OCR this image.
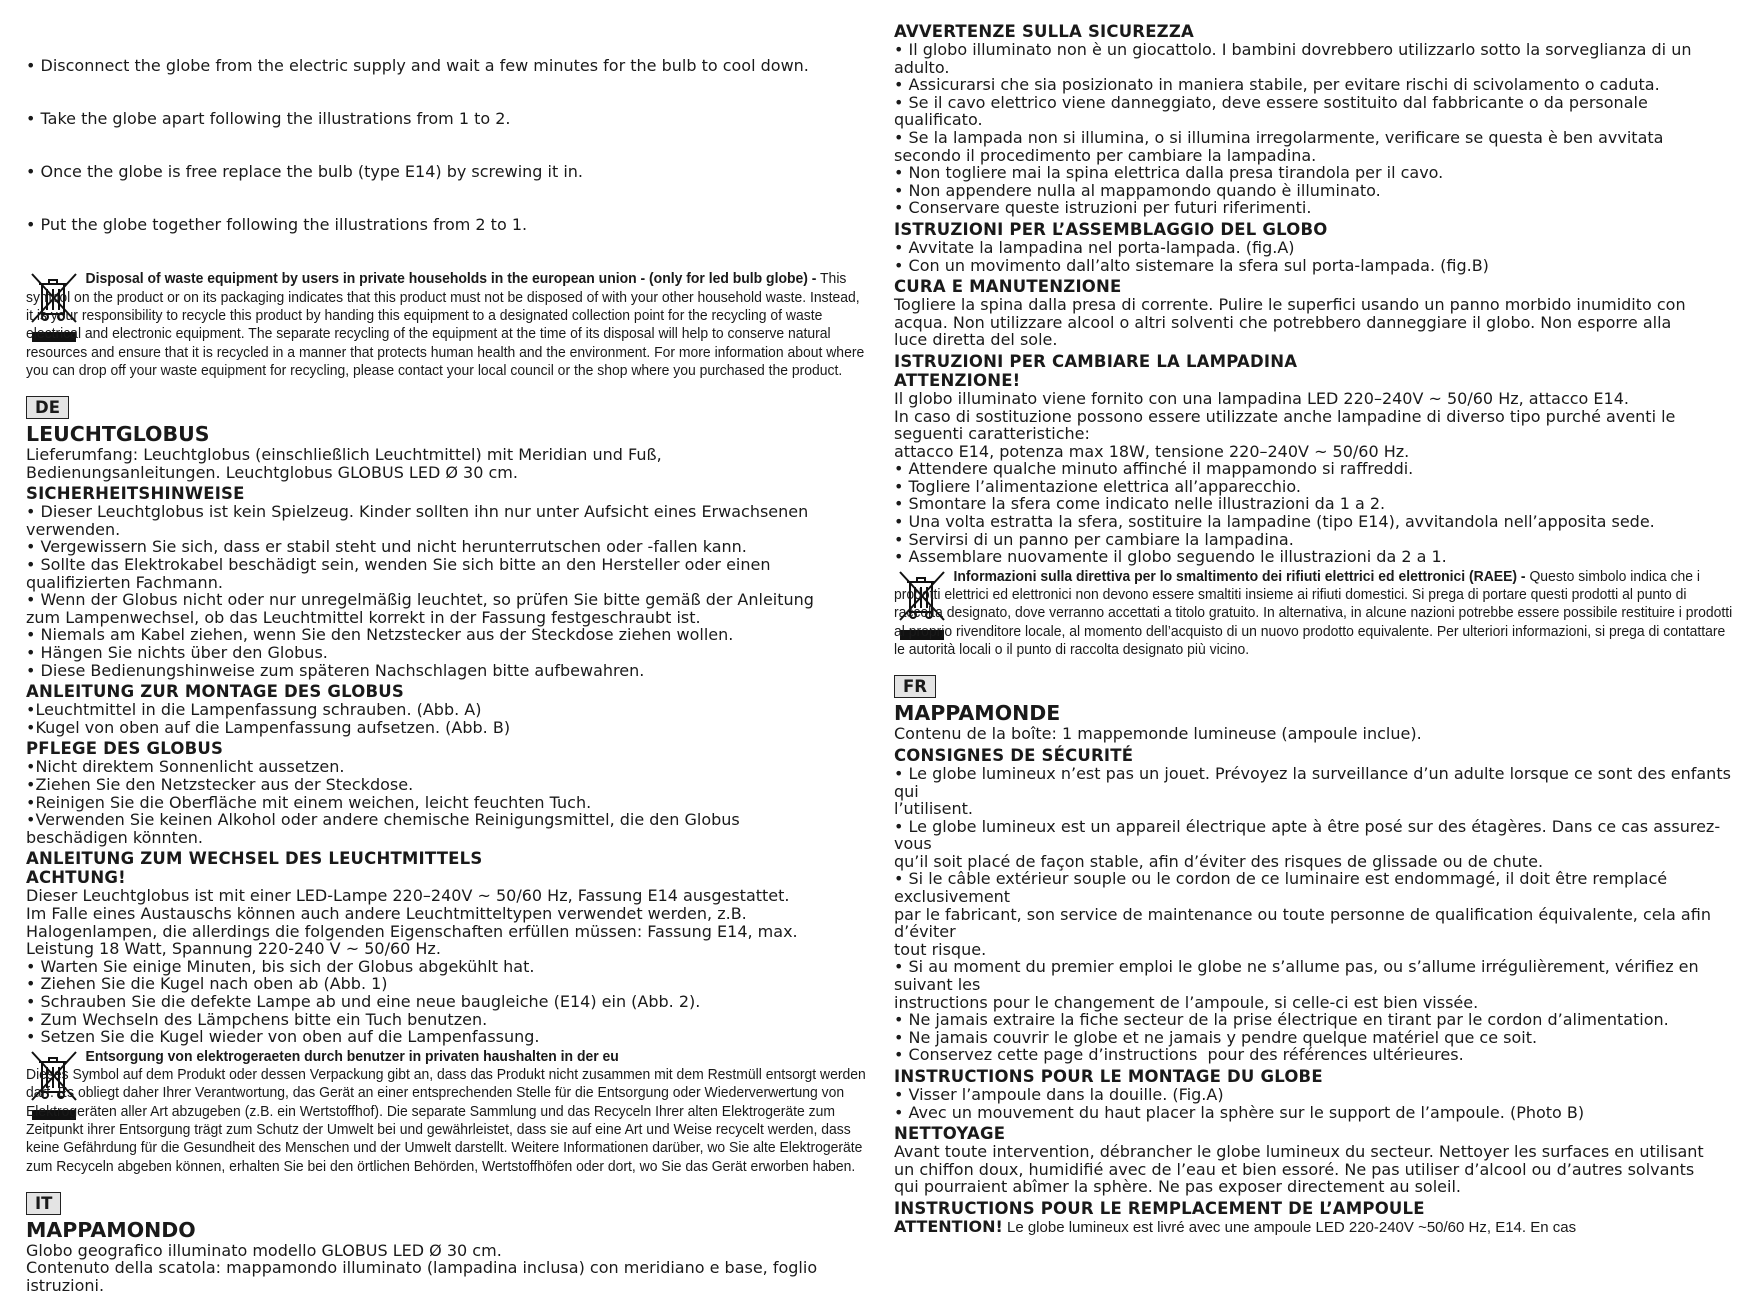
• Disconnect the globe from the electric supply and wait a few minutes for the bulb to cool down.

• Take the globe apart following the illustrations from 1 to 2.

• Once the globe is free replace the bulb (type E14) by screwing it in.

• Put the globe together following the illustrations from 2 to 1.

Disposal of waste equipment by users in private households in the european union - (only for led bulb globe) - This symbol on the product or on its packaging indicates that this product must not be disposed of with your other household waste. Instead, it is your responsibility to recycle this product by handing this equipment to a designated collection point for the recycling of waste electrical and electronic equipment. The separate recycling of the equipment at the time of its disposal will help to conserve natural resources and ensure that it is recycled in a manner that protects human health and the environment. For more information about where you can drop off your waste equipment for recycling, please contact your local council or the shop where you purchased the product.
DE
LEUCHTGLOBUS
Lieferumfang: Leuchtglobus (einschließlich Leuchtmittel) mit Meridian und Fuß,
Bedienungsanleitungen. Leuchtglobus GLOBUS LED Ø 30 cm.
SICHERHEITSHINWEISE
• Dieser Leuchtglobus ist kein Spielzeug. Kinder sollten ihn nur unter Aufsicht eines Erwachsenen
verwenden.
• Vergewissern Sie sich, dass er stabil steht und nicht herunterrutschen oder -fallen kann.
• Sollte das Elektrokabel beschädigt sein, wenden Sie sich bitte an den Hersteller oder einen
qualifizierten Fachmann.
• Wenn der Globus nicht oder nur unregelmäßig leuchtet, so prüfen Sie bitte gemäß der Anleitung
zum Lampenwechsel, ob das Leuchtmittel korrekt in der Fassung festgeschraubt ist.
• Niemals am Kabel ziehen, wenn Sie den Netzstecker aus der Steckdose ziehen wollen.
• Hängen Sie nichts über den Globus.
• Diese Bedienungshinweise zum späteren Nachschlagen bitte aufbewahren.
ANLEITUNG ZUR MONTAGE DES GLOBUS
•Leuchtmittel in die Lampenfassung schrauben. (Abb. A)
•Kugel von oben auf die Lampenfassung aufsetzen. (Abb. B)
PFLEGE DES GLOBUS
•Nicht direktem Sonnenlicht aussetzen.
•Ziehen Sie den Netzstecker aus der Steckdose.
•Reinigen Sie die Oberfläche mit einem weichen, leicht feuchten Tuch.
•Verwenden Sie keinen Alkohol oder andere chemische Reinigungsmittel, die den Globus
beschädigen könnten.
ANLEITUNG ZUM WECHSEL DES LEUCHTMITTELS
ACHTUNG!
Dieser Leuchtglobus ist mit einer LED-Lampe 220–240V ~ 50/60 Hz, Fassung E14 ausgestattet.
Im Falle eines Austauschs können auch andere Leuchtmitteltypen verwendet werden, z.B.
Halogenlampen, die allerdings die folgenden Eigenschaften erfüllen müssen: Fassung E14, max.
Leistung 18 Watt, Spannung 220-240 V ~ 50/60 Hz.
• Warten Sie einige Minuten, bis sich der Globus abgekühlt hat.
• Ziehen Sie die Kugel nach oben ab (Abb. 1)
• Schrauben Sie die defekte Lampe ab und eine neue baugleiche (E14) ein (Abb. 2).
• Zum Wechseln des Lämpchens bitte ein Tuch benutzen.
• Setzen Sie die Kugel wieder von oben auf die Lampenfassung.
Entsorgung von elektrogeraeten durch benutzer in privaten haushalten in der eu
Dieses Symbol auf dem Produkt oder dessen Verpackung gibt an, dass das Produkt nicht zusammen mit dem Restmüll entsorgt werden darf. Es obliegt daher Ihrer Verantwortung, das Gerät an einer entsprechenden Stelle für die Entsorgung oder Wiederverwertung von Elektrogeräten aller Art abzugeben (z.B. ein Wertstoffhof). Die separate Sammlung und das Recyceln Ihrer alten Elektrogeräte zum Zeitpunkt ihrer Entsorgung trägt zum Schutz der Umwelt bei und gewährleistet, dass sie auf eine Art und Weise recycelt werden, dass keine Gefährdung für die Gesundheit des Menschen und der Umwelt darstellt. Weitere Informationen darüber, wo Sie alte Elektrogeräte zum Recyceln abgeben können, erhalten Sie bei den örtlichen Behörden, Wertstoffhöfen oder dort, wo Sie das Gerät erworben haben.
IT
MAPPAMONDO
Globo geografico illuminato modello GLOBUS LED Ø 30 cm.
Contenuto della scatola: mappamondo illuminato (lampadina inclusa) con meridiano e base, foglio
istruzioni.
AVVERTENZE SULLA SICUREZZA
• Il globo illuminato non è un giocattolo. I bambini dovrebbero utilizzarlo sotto la sorveglianza di un
adulto.
• Assicurarsi che sia posizionato in maniera stabile, per evitare rischi di scivolamento o caduta.
• Se il cavo elettrico viene danneggiato, deve essere sostituito dal fabbricante o da personale
qualificato.
• Se la lampada non si illumina, o si illumina irregolarmente, verificare se questa è ben avvitata
secondo il procedimento per cambiare la lampadina.
• Non togliere mai la spina elettrica dalla presa tirandola per il cavo.
• Non appendere nulla al mappamondo quando è illuminato.
• Conservare queste istruzioni per futuri riferimenti.
ISTRUZIONI PER L’ASSEMBLAGGIO DEL GLOBO
• Avvitate la lampadina nel porta-lampada. (fig.A)
• Con un movimento dall’alto sistemare la sfera sul porta-lampada. (fig.B)
CURA E MANUTENZIONE
Togliere la spina dalla presa di corrente. Pulire le superfici usando un panno morbido inumidito con
acqua. Non utilizzare alcool o altri solventi che potrebbero danneggiare il globo. Non esporre alla
luce diretta del sole.
ISTRUZIONI PER CAMBIARE LA LAMPADINA
ATTENZIONE!
Il globo illuminato viene fornito con una lampadina LED 220–240V ~ 50/60 Hz, attacco E14.
In caso di sostituzione possono essere utilizzate anche lampadine di diverso tipo purché aventi le
seguenti caratteristiche:
attacco E14, potenza max 18W, tensione 220–240V ~ 50/60 Hz.
• Attendere qualche minuto affinché il mappamondo si raffreddi.
• Togliere l’alimentazione elettrica all’apparecchio.
• Smontare la sfera come indicato nelle illustrazioni da 1 a 2.
• Una volta estratta la sfera, sostituire la lampadine (tipo E14), avvitandola nell’apposita sede.
• Servirsi di un panno per cambiare la lampadina.
• Assemblare nuovamente il globo seguendo le illustrazioni da 2 a 1.
Informazioni sulla direttiva per lo smaltimento dei rifiuti elettrici ed elettronici (RAEE) - Questo simbolo indica che i prodotti elettrici ed elettronici non devono essere smaltiti insieme ai rifiuti domestici. Si prega di portare questi prodotti al punto di raccolta designato, dove verranno accettati a titolo gratuito. In alternativa, in alcune nazioni potrebbe essere possibile restituire i prodotti al proprio rivenditore locale, al momento dell’acquisto di un nuovo prodotto equivalente. Per ulteriori informazioni, si prega di contattare le autorità locali o il punto di raccolta designato più vicino.
FR
MAPPAMONDE
Contenu de la boîte: 1 mappemonde lumineuse (ampoule inclue).
CONSIGNES DE SÉCURITÉ
• Le globe lumineux n’est pas un jouet. Prévoyez la surveillance d’un adulte lorsque ce sont des enfants qui
l’utilisent.
• Le globe lumineux est un appareil électrique apte à être posé sur des étagères. Dans ce cas assurez-vous
qu’il soit placé de façon stable, afin d’éviter des risques de glissade ou de chute.
• Si le câble extérieur souple ou le cordon de ce luminaire est endommagé, il doit être remplacé exclusivement
par le fabricant, son service de maintenance ou toute personne de qualification équivalente, cela afin d’éviter
tout risque.
• Si au moment du premier emploi le globe ne s’allume pas, ou s’allume irrégulièrement, vérifiez en suivant les
instructions pour le changement de l’ampoule, si celle-ci est bien vissée.
• Ne jamais extraire la fiche secteur de la prise électrique en tirant par le cordon d’alimentation.
• Ne jamais couvrir le globe et ne jamais y pendre quelque matériel que ce soit.
• Conservez cette page d’instructions  pour des références ultérieures.
INSTRUCTIONS POUR LE MONTAGE DU GLOBE
• Visser l’ampoule dans la douille. (Fig.A)
• Avec un mouvement du haut placer la sphère sur le support de l’ampoule. (Photo B)
NETTOYAGE
Avant toute intervention, débrancher le globe lumineux du secteur. Nettoyer les surfaces en utilisant
un chiffon doux, humidifié avec de l’eau et bien essoré. Ne pas utiliser d’alcool ou d’autres solvants
qui pourraient abîmer la sphère. Ne pas exposer directement au soleil.
INSTRUCTIONS POUR LE REMPLACEMENT DE L’AMPOULE
ATTENTION! Le globe lumineux est livré avec une ampoule LED 220-240V ~50/60 Hz, E14. En cas
